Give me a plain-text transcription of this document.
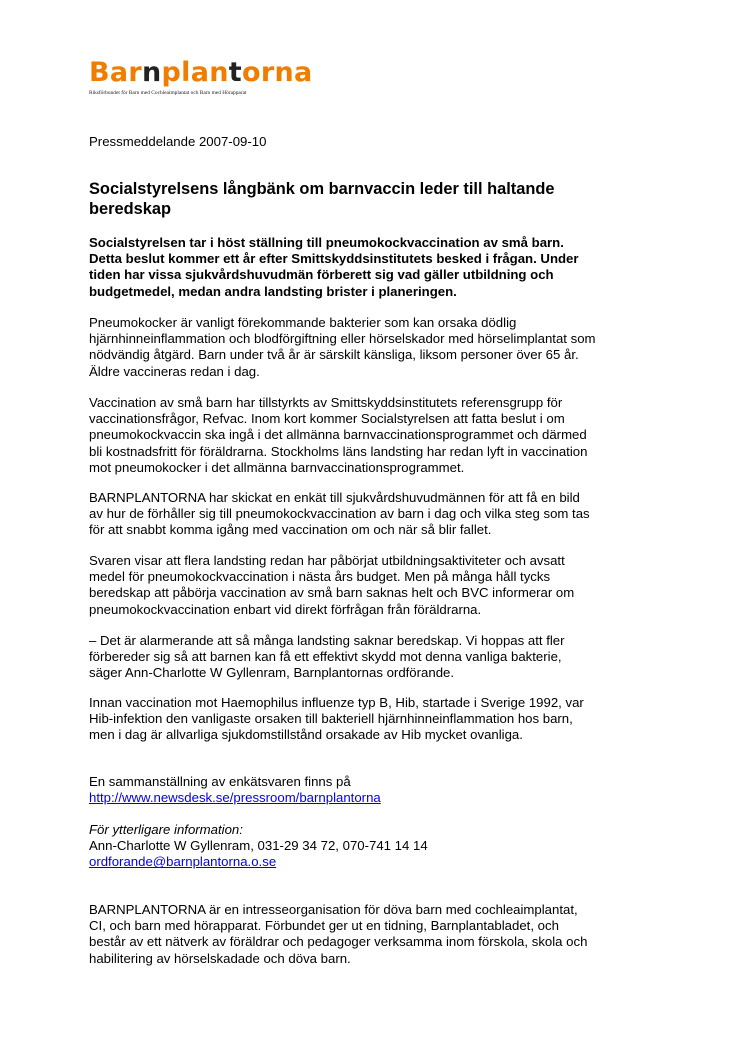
Barnplantorna
Riksförbundet för Barn med Cochleaimplantat och Barn med Hörapparat

Pressmeddelande 2007-09-10

Socialstyrelsens långbänk om barnvaccin leder till haltande
beredskap

Socialstyrelsen tar i höst ställning till pneumokockvaccination av små barn.
Detta beslut kommer ett år efter Smittskyddsinstitutets besked i frågan. Under
tiden har vissa sjukvårdshuvudmän förberett sig vad gäller utbildning och
budgetmedel, medan andra landsting brister i planeringen.

Pneumokocker är vanligt förekommande bakterier som kan orsaka dödlig
hjärnhinneinflammation och blodförgiftning eller hörselskador med hörselimplantat som
nödvändig åtgärd. Barn under två år är särskilt känsliga, liksom personer över 65 år.
Äldre vaccineras redan i dag.

Vaccination av små barn har tillstyrkts av Smittskyddsinstitutets referensgrupp för
vaccinationsfrågor, Refvac. Inom kort kommer Socialstyrelsen att fatta beslut i om
pneumokockvaccin ska ingå i det allmänna barnvaccinationsprogrammet och därmed
bli kostnadsfritt för föräldrarna. Stockholms läns landsting har redan lyft in vaccination
mot pneumokocker i det allmänna barnvaccinationsprogrammet.

BARNPLANTORNA har skickat en enkät till sjukvårdshuvudmännen för att få en bild
av hur de förhåller sig till pneumokockvaccination av barn i dag och vilka steg som tas
för att snabbt komma igång med vaccination om och när så blir fallet.

Svaren visar att flera landsting redan har påbörjat utbildningsaktiviteter och avsatt
medel för pneumokockvaccination i nästa års budget. Men på många håll tycks
beredskap att påbörja vaccination av små barn saknas helt och BVC informerar om
pneumokockvaccination enbart vid direkt förfrågan från föräldrarna.

– Det är alarmerande att så många landsting saknar beredskap. Vi hoppas att fler
förbereder sig så att barnen kan få ett effektivt skydd mot denna vanliga bakterie,
säger Ann-Charlotte W Gyllenram, Barnplantornas ordförande.

Innan vaccination mot Haemophilus influenze typ B, Hib, startade i Sverige 1992, var
Hib-infektion den vanligaste orsaken till bakteriell hjärnhinneinflammation hos barn,
men i dag är allvarliga sjukdomstillstånd orsakade av Hib mycket ovanliga.

En sammanställning av enkätsvaren finns på

http://www.newsdesk.se/pressroom/barnplantorna

För ytterligare information:

Ann-Charlotte W Gyllenram, 031-29 34 72, 070-741 14 14

ordforande@barnplantorna.o.se

BARNPLANTORNA är en intresseorganisation för döva barn med cochleaimplantat,
CI, och barn med hörapparat. Förbundet ger ut en tidning, Barnplantabladet, och
består av ett nätverk av föräldrar och pedagoger verksamma inom förskola, skola och
habilitering av hörselskadade och döva barn.
